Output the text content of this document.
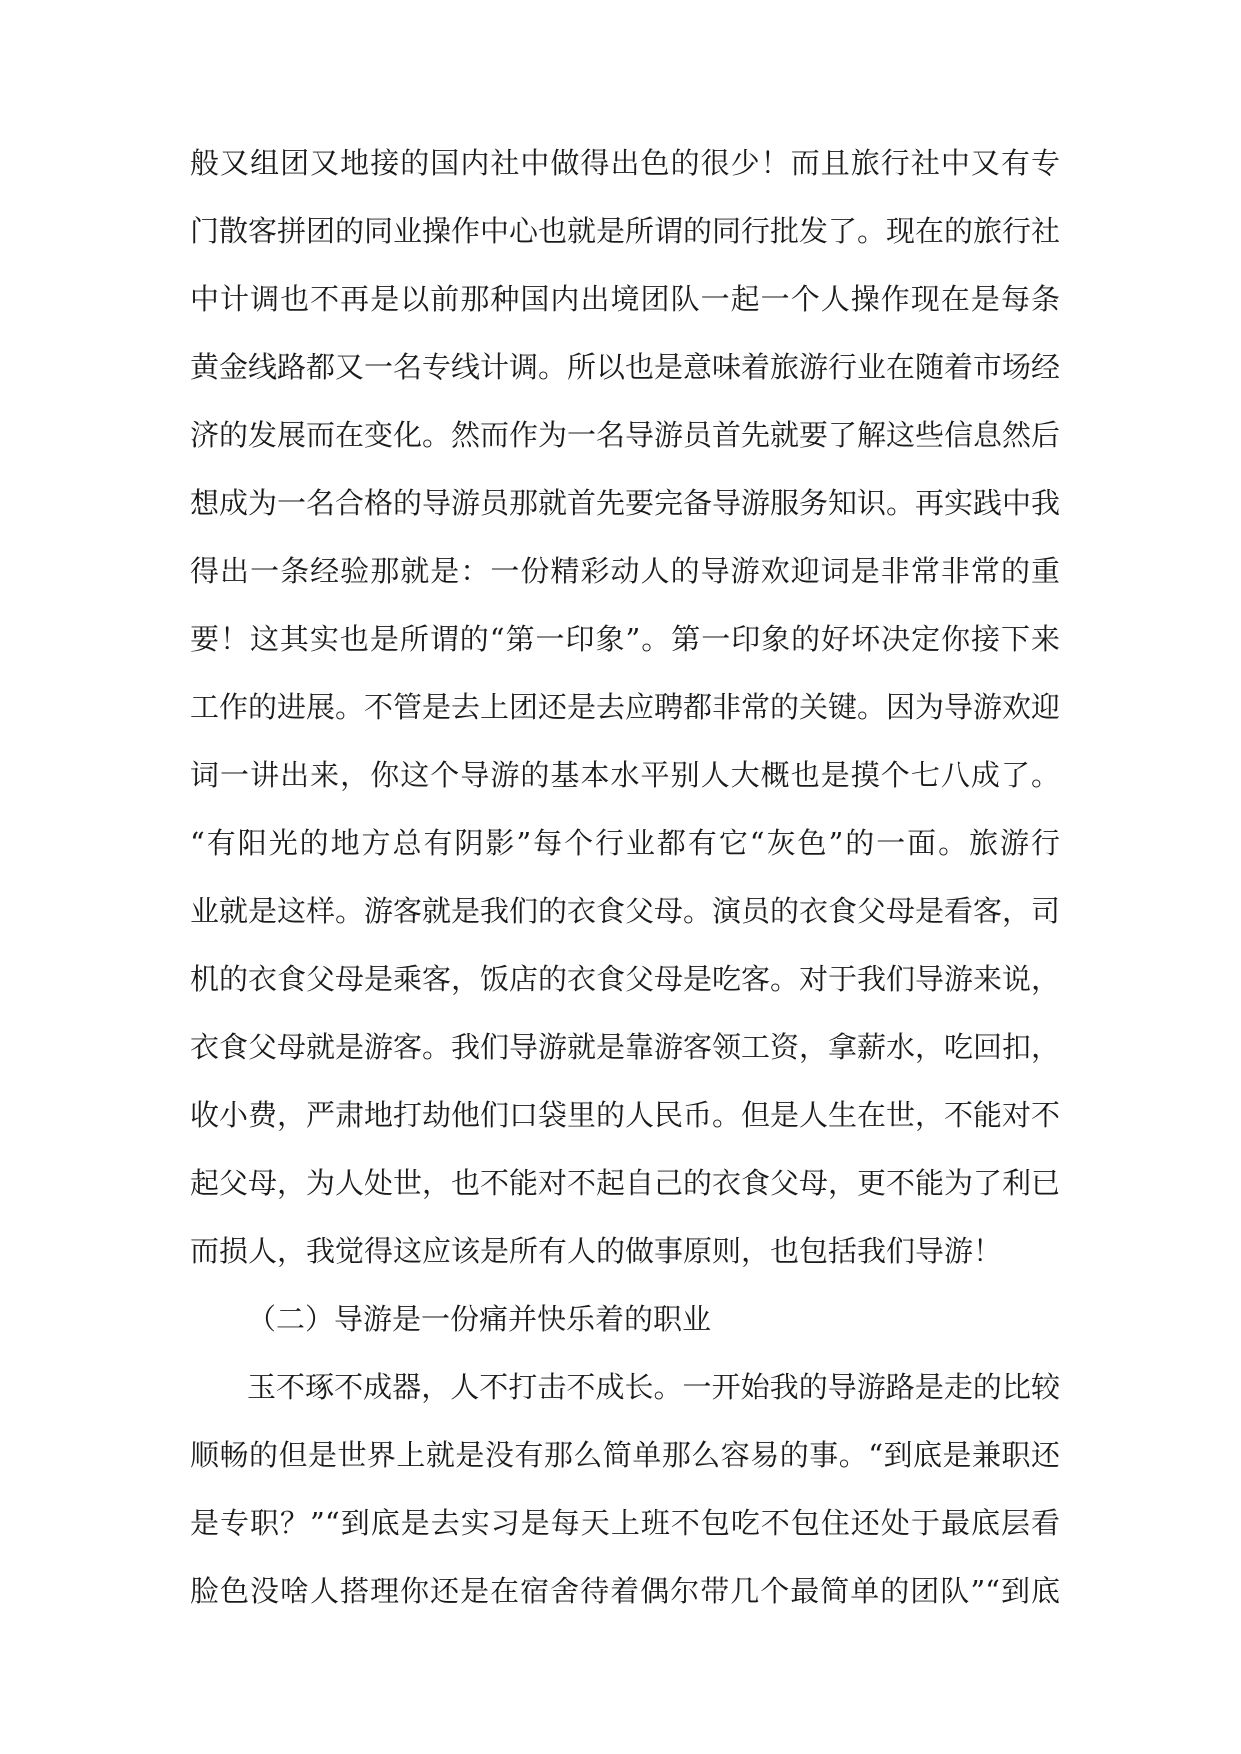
般又组团又地接的国内社中做得出色的很少！而且旅行社中又有专
门散客拼团的同业操作中心也就是所谓的同行批发了。现在的旅行社
中计调也不再是以前那种国内出境团队一起一个人操作现在是每条
黄金线路都又一名专线计调。所以也是意味着旅游行业在随着市场经
济的发展而在变化。然而作为一名导游员首先就要了解这些信息然后
想成为一名合格的导游员那就首先要完备导游服务知识。再实践中我
得出一条经验那就是：一份精彩动人的导游欢迎词是非常非常的重
要！这其实也是所谓的“第一印象”。第一印象的好坏决定你接下来
工作的进展。不管是去上团还是去应聘都非常的关键。因为导游欢迎
词一讲出来，你这个导游的基本水平别人大概也是摸个七八成了。
“有阳光的地方总有阴影”每个行业都有它“灰色”的一面。旅游行
业就是这样。游客就是我们的衣食父母。演员的衣食父母是看客，司
机的衣食父母是乘客，饭店的衣食父母是吃客。对于我们导游来说，
衣食父母就是游客。我们导游就是靠游客领工资，拿薪水，吃回扣，
收小费，严肃地打劫他们口袋里的人民币。但是人生在世，不能对不
起父母，为人处世，也不能对不起自己的衣食父母，更不能为了利已
而损人，我觉得这应该是所有人的做事原则，也包括我们导游！
（二）导游是一份痛并快乐着的职业
玉不琢不成器，人不打击不成长。一开始我的导游路是走的比较
顺畅的但是世界上就是没有那么简单那么容易的事。“到底是兼职还
是专职？”“到底是去实习是每天上班不包吃不包住还处于最底层看
脸色没啥人搭理你还是在宿舍待着偶尔带几个最简单的团队”“到底
